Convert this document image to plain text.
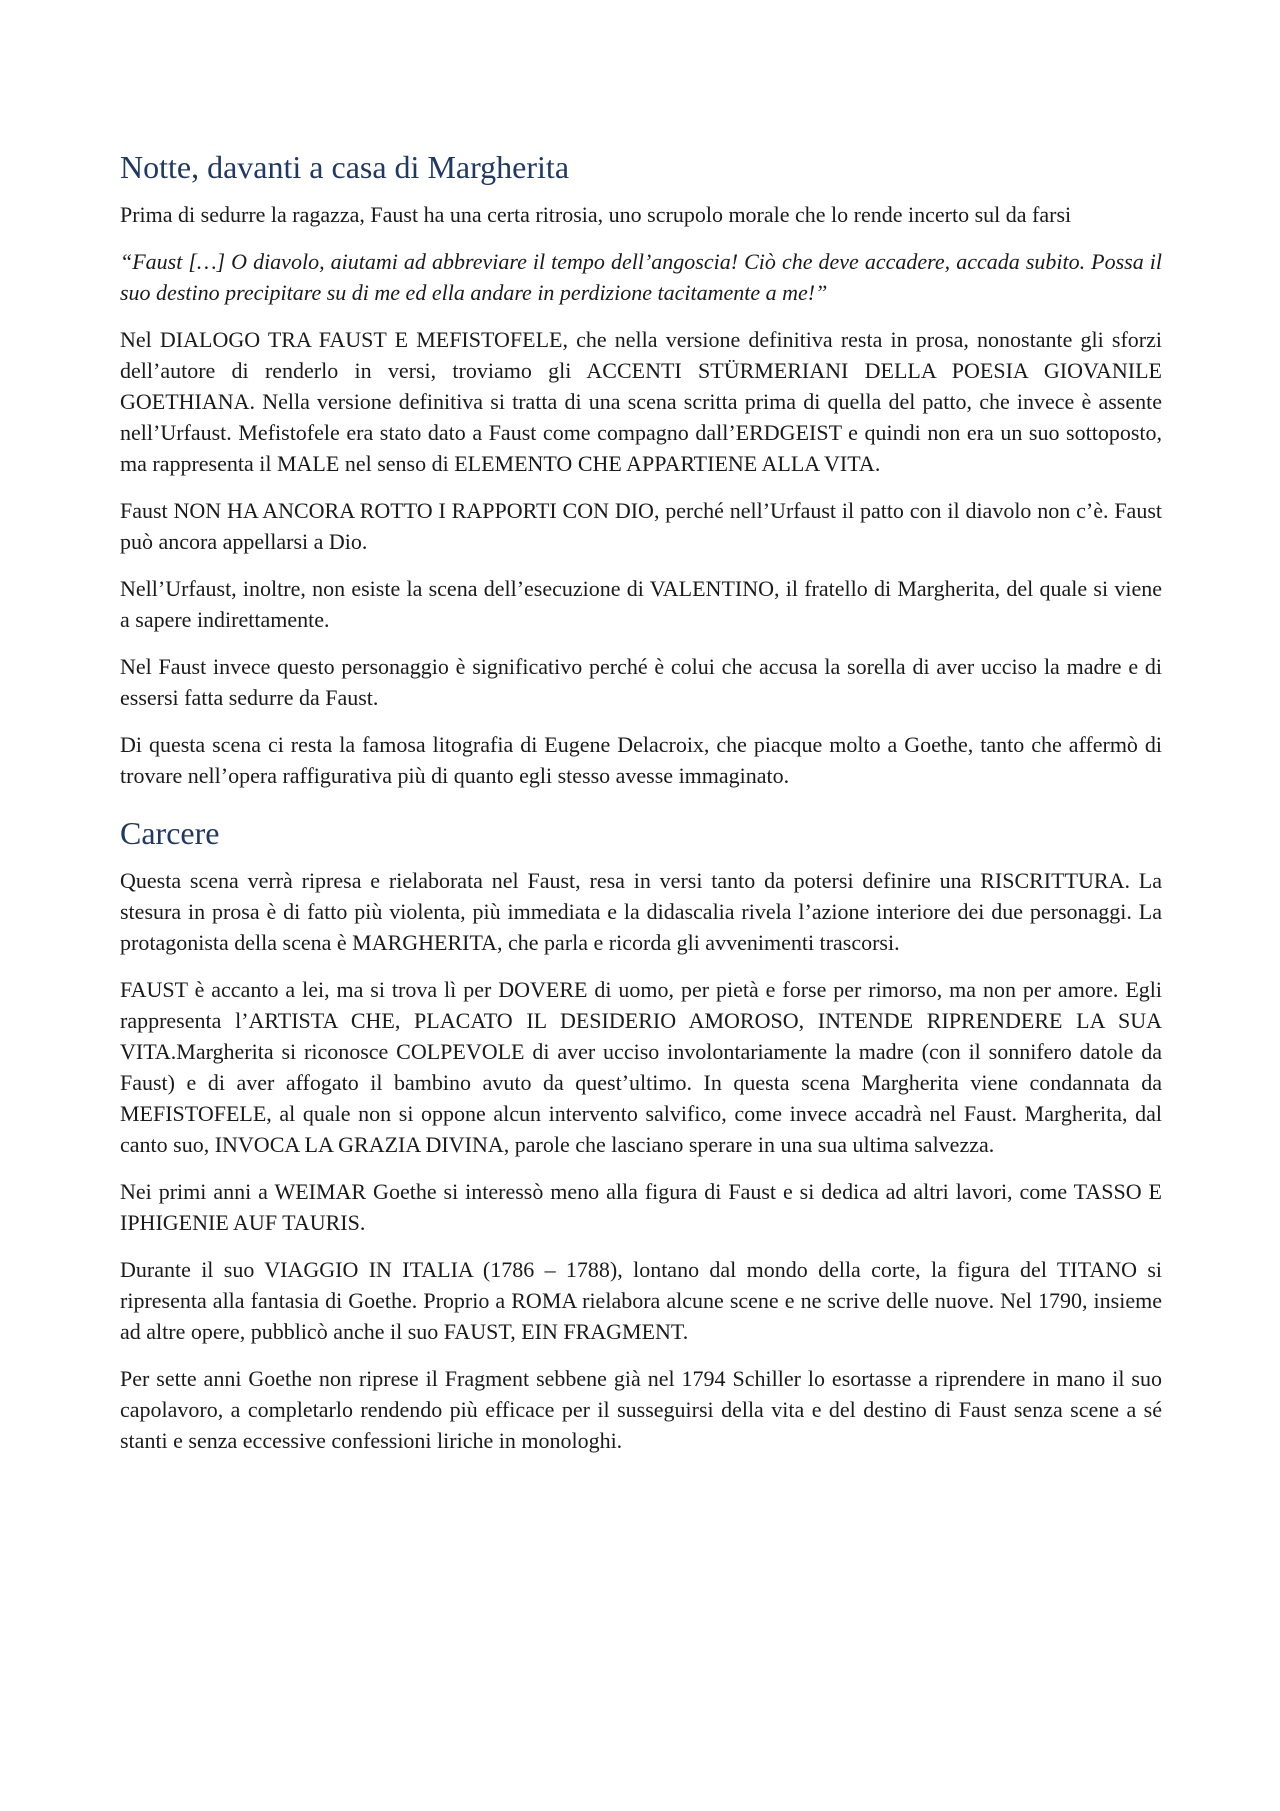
Notte, davanti a casa di Margherita

Prima di sedurre la ragazza, Faust ha una certa ritrosia, uno scrupolo morale che lo rende incerto sul da farsi

“Faust […] O diavolo, aiutami ad abbreviare il tempo dell’angoscia! Ciò che deve accadere, accada subito. Possa il suo destino precipitare su di me ed ella andare in perdizione tacitamente a me!”

Nel DIALOGO TRA FAUST E MEFISTOFELE, che nella versione definitiva resta in prosa, nonostante gli sforzi dell’autore di renderlo in versi, troviamo gli ACCENTI STÜRMERIANI DELLA POESIA GIOVANILE GOETHIANA. Nella versione definitiva si tratta di una scena scritta prima di quella del patto, che invece è assente nell’Urfaust. Mefistofele era stato dato a Faust come compagno dall’ERDGEIST e quindi non era un suo sottoposto, ma rappresenta il MALE nel senso di ELEMENTO CHE APPARTIENE ALLA VITA.

Faust NON HA ANCORA ROTTO I RAPPORTI CON DIO, perché nell’Urfaust il patto con il diavolo non c’è. Faust può ancora appellarsi a Dio.

Nell’Urfaust, inoltre, non esiste la scena dell’esecuzione di VALENTINO, il fratello di Margherita, del quale si viene a sapere indirettamente.

Nel Faust invece questo personaggio è significativo perché è colui che accusa la sorella di aver ucciso la madre e di essersi fatta sedurre da Faust.

Di questa scena ci resta la famosa litografia di Eugene Delacroix, che piacque molto a Goethe, tanto che affermò di trovare nell’opera raffigurativa più di quanto egli stesso avesse immaginato.

Carcere

Questa scena verrà ripresa e rielaborata nel Faust, resa in versi tanto da potersi definire una RISCRITTURA. La stesura in prosa è di fatto più violenta, più immediata e la didascalia rivela l’azione interiore dei due personaggi. La protagonista della scena è MARGHERITA, che parla e ricorda gli avvenimenti trascorsi.

FAUST è accanto a lei, ma si trova lì per DOVERE di uomo, per pietà e forse per rimorso, ma non per amore. Egli rappresenta l’ARTISTA CHE, PLACATO IL DESIDERIO AMOROSO, INTENDE RIPRENDERE LA SUA VITA.Margherita si riconosce COLPEVOLE di aver ucciso involontariamente la madre (con il sonnifero datole da Faust) e di aver affogato il bambino avuto da quest’ultimo. In questa scena Margherita viene condannata da MEFISTOFELE, al quale non si oppone alcun intervento salvifico, come invece accadrà nel Faust. Margherita, dal canto suo, INVOCA LA GRAZIA DIVINA, parole che lasciano sperare in una sua ultima salvezza.

Nei primi anni a WEIMAR Goethe si interessò meno alla figura di Faust e si dedica ad altri lavori, come TASSO E IPHIGENIE AUF TAURIS.

Durante il suo VIAGGIO IN ITALIA (1786 – 1788), lontano dal mondo della corte, la figura del TITANO si ripresenta alla fantasia di Goethe. Proprio a ROMA rielabora alcune scene e ne scrive delle nuove. Nel 1790, insieme ad altre opere, pubblicò anche il suo FAUST, EIN FRAGMENT.

Per sette anni Goethe non riprese il Fragment sebbene già nel 1794 Schiller lo esortasse a riprendere in mano il suo capolavoro, a completarlo rendendo più efficace per il susseguirsi della vita e del destino di Faust senza scene a sé stanti e senza eccessive confessioni liriche in monologhi.
